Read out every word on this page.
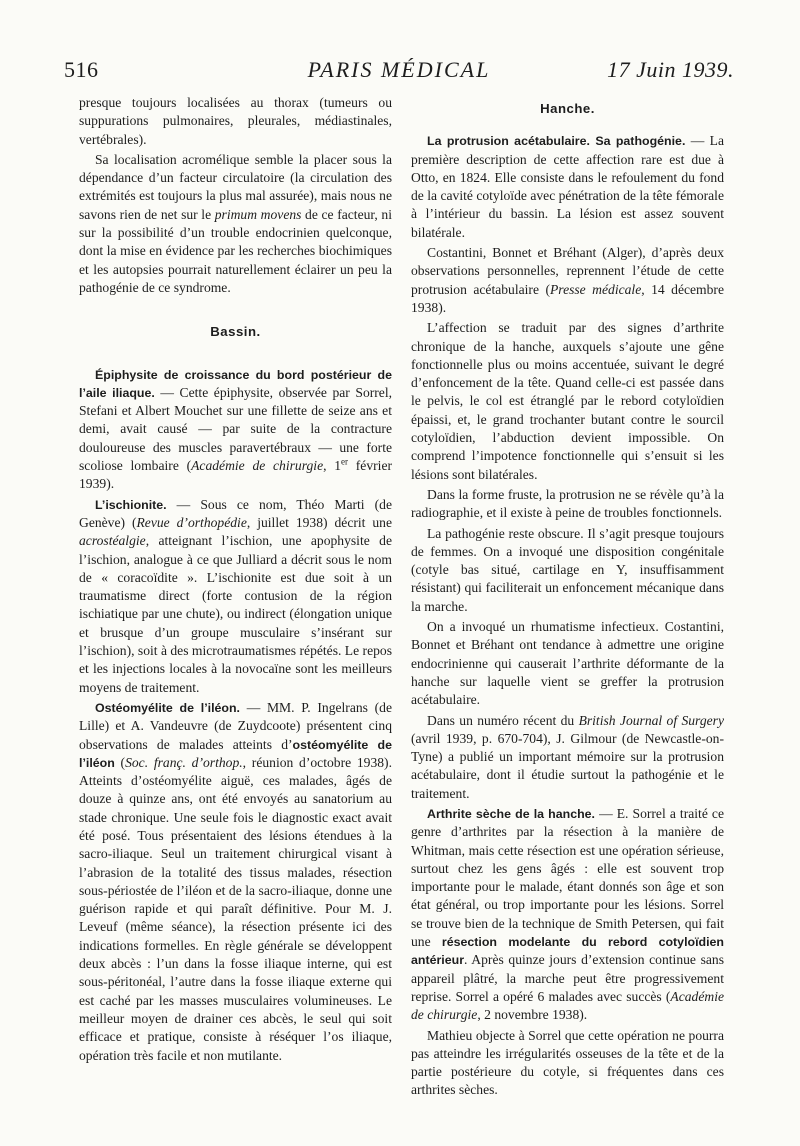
516	PARIS MÉDICAL	17 Juin 1939.

presque toujours localisées au thorax (tumeurs ou suppurations pulmonaires, pleurales, médiastinales, vertébrales).

Sa localisation acromélique semble la placer sous la dépendance d’un facteur circulatoire (la circulation des extrémités est toujours la plus mal assurée), mais nous ne savons rien de net sur le primum movens de ce facteur, ni sur la possibilité d’un trouble endocrinien quelconque, dont la mise en évidence par les recherches biochimiques et les autopsies pourrait naturellement éclairer un peu la pathogénie de ce syndrome.

Bassin.

Épiphysite de croissance du bord postérieur de l’aile iliaque. — Cette épiphysite, observée par Sorrel, Stefani et Albert Mouchet sur une fillette de seize ans et demi, avait causé — par suite de la contracture douloureuse des muscles paravertébraux — une forte scoliose lombaire (Académie de chirurgie, 1er février 1939).

L’ischionite. — Sous ce nom, Théo Marti (de Genève) (Revue d’orthopédie, juillet 1938) décrit une acrostéalgie, atteignant l’ischion, une apophysite de l’ischion, analogue à ce que Julliard a décrit sous le nom de « coracoïdite ». L’ischionite est due soit à un traumatisme direct (forte contusion de la région ischiatique par une chute), ou indirect (élongation unique et brusque d’un groupe musculaire s’insérant sur l’ischion), soit à des microtraumatismes répétés. Le repos et les injections locales à la novocaïne sont les meilleurs moyens de traitement.

Ostéomyélite de l’iléon. — MM. P. Ingelrans (de Lille) et A. Vandeuvre (de Zuydcoote) présentent cinq observations de malades atteints d’ostéomyélite de l’iléon (Soc. franç. d’orthop., réunion d’octobre 1938). Atteints d’ostéomyélite aiguë, ces malades, âgés de douze à quinze ans, ont été envoyés au sanatorium au stade chronique. Une seule fois le diagnostic exact avait été posé. Tous présentaient des lésions étendues à la sacro-iliaque. Seul un traitement chirurgical visant à l’abrasion de la totalité des tissus malades, résection sous-périostée de l’iléon et de la sacro-iliaque, donne une guérison rapide et qui paraît définitive. Pour M. J. Leveuf (même séance), la résection présente ici des indications formelles. En règle générale se développent deux abcès : l’un dans la fosse iliaque interne, qui est sous-péritonéal, l’autre dans la fosse iliaque externe qui est caché par les masses musculaires volumineuses. Le meilleur moyen de drainer ces abcès, le seul qui soit efficace et pratique, consiste à réséquer l’os iliaque, opération très facile et non mutilante.

Hanche.

La protrusion acétabulaire. Sa pathogénie. — La première description de cette affection rare est due à Otto, en 1824. Elle consiste dans le refoulement du fond de la cavité cotyloïde avec pénétration de la tête fémorale à l’intérieur du bassin. La lésion est assez souvent bilatérale.

Costantini, Bonnet et Bréhant (Alger), d’après deux observations personnelles, reprennent l’étude de cette protrusion acétabulaire (Presse médicale, 14 décembre 1938).

L’affection se traduit par des signes d’arthrite chronique de la hanche, auxquels s’ajoute une gêne fonctionnelle plus ou moins accentuée, suivant le degré d’enfoncement de la tête. Quand celle-ci est passée dans le pelvis, le col est étranglé par le rebord cotyloïdien épaissi, et, le grand trochanter butant contre le sourcil cotyloïdien, l’abduction devient impossible. On comprend l’impotence fonctionnelle qui s’ensuit si les lésions sont bilatérales.

Dans la forme fruste, la protrusion ne se révèle qu’à la radiographie, et il existe à peine de troubles fonctionnels.

La pathogénie reste obscure. Il s’agit presque toujours de femmes. On a invoqué une disposition congénitale (cotyle bas situé, cartilage en Y, insuffisamment résistant) qui faciliterait un enfoncement mécanique dans la marche.

On a invoqué un rhumatisme infectieux. Costantini, Bonnet et Bréhant ont tendance à admettre une origine endocrinienne qui causerait l’arthrite déformante de la hanche sur laquelle vient se greffer la protrusion acétabulaire.

Dans un numéro récent du British Journal of Surgery (avril 1939, p. 670-704), J. Gilmour (de Newcastle-on-Tyne) a publié un important mémoire sur la protrusion acétabulaire, dont il étudie surtout la pathogénie et le traitement.

Arthrite sèche de la hanche. — E. Sorrel a traité ce genre d’arthrites par la résection à la manière de Whitman, mais cette résection est une opération sérieuse, surtout chez les gens âgés : elle est souvent trop importante pour le malade, étant donnés son âge et son état général, ou trop importante pour les lésions. Sorrel se trouve bien de la technique de Smith Petersen, qui fait une résection modelante du rebord cotyloïdien antérieur. Après quinze jours d’extension continue sans appareil plâtré, la marche peut être progressivement reprise. Sorrel a opéré 6 malades avec succès (Académie de chirurgie, 2 novembre 1938).

Mathieu objecte à Sorrel que cette opération ne pourra pas atteindre les irrégularités osseuses de la tête et de la partie postérieure du cotyle, si fréquentes dans ces arthrites sèches.
